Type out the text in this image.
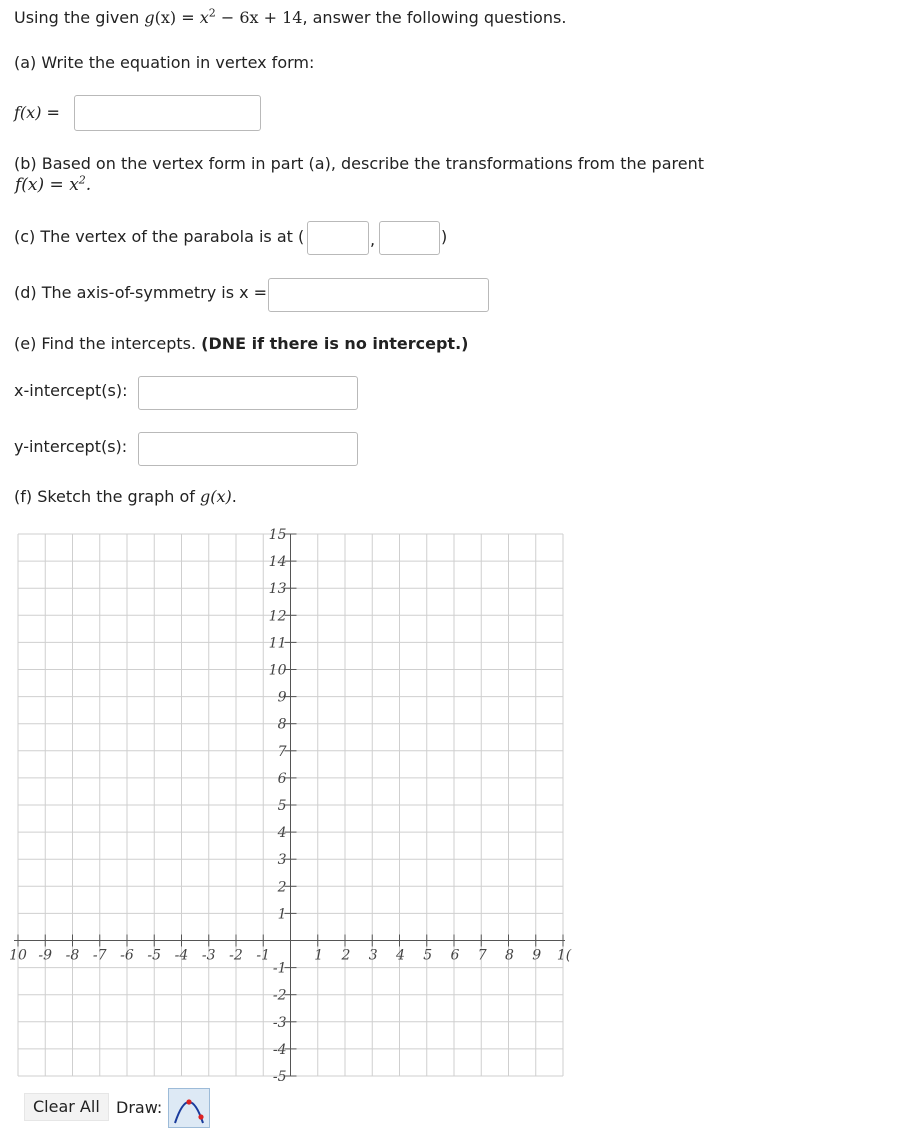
Using the given $g(x) = x^2 - 6x + 14$, answer the following questions.
(a) Write the equation in vertex form:
f(x) =
(b) Based on the vertex form in part (a), describe the transformations from the parent
$f(x) = x^2$.
(c) The vertex of the parabola is at (	,	)
(d) The axis-of-symmetry is x =
(e) Find the intercepts. (DNE if there is no intercept.)
x-intercept(s):
y-intercept(s):
(f) Sketch the graph of g(x).
10 -9 -8 -7 -6 -5 -4 -3 -2 -1	1 2 3 4 5 6 7 8 9 1(
15
14
13
12
11
10
9
8
7
6
5
4
3
2
1
-1
-2
-3
-4
-5
Clear All	Draw:
